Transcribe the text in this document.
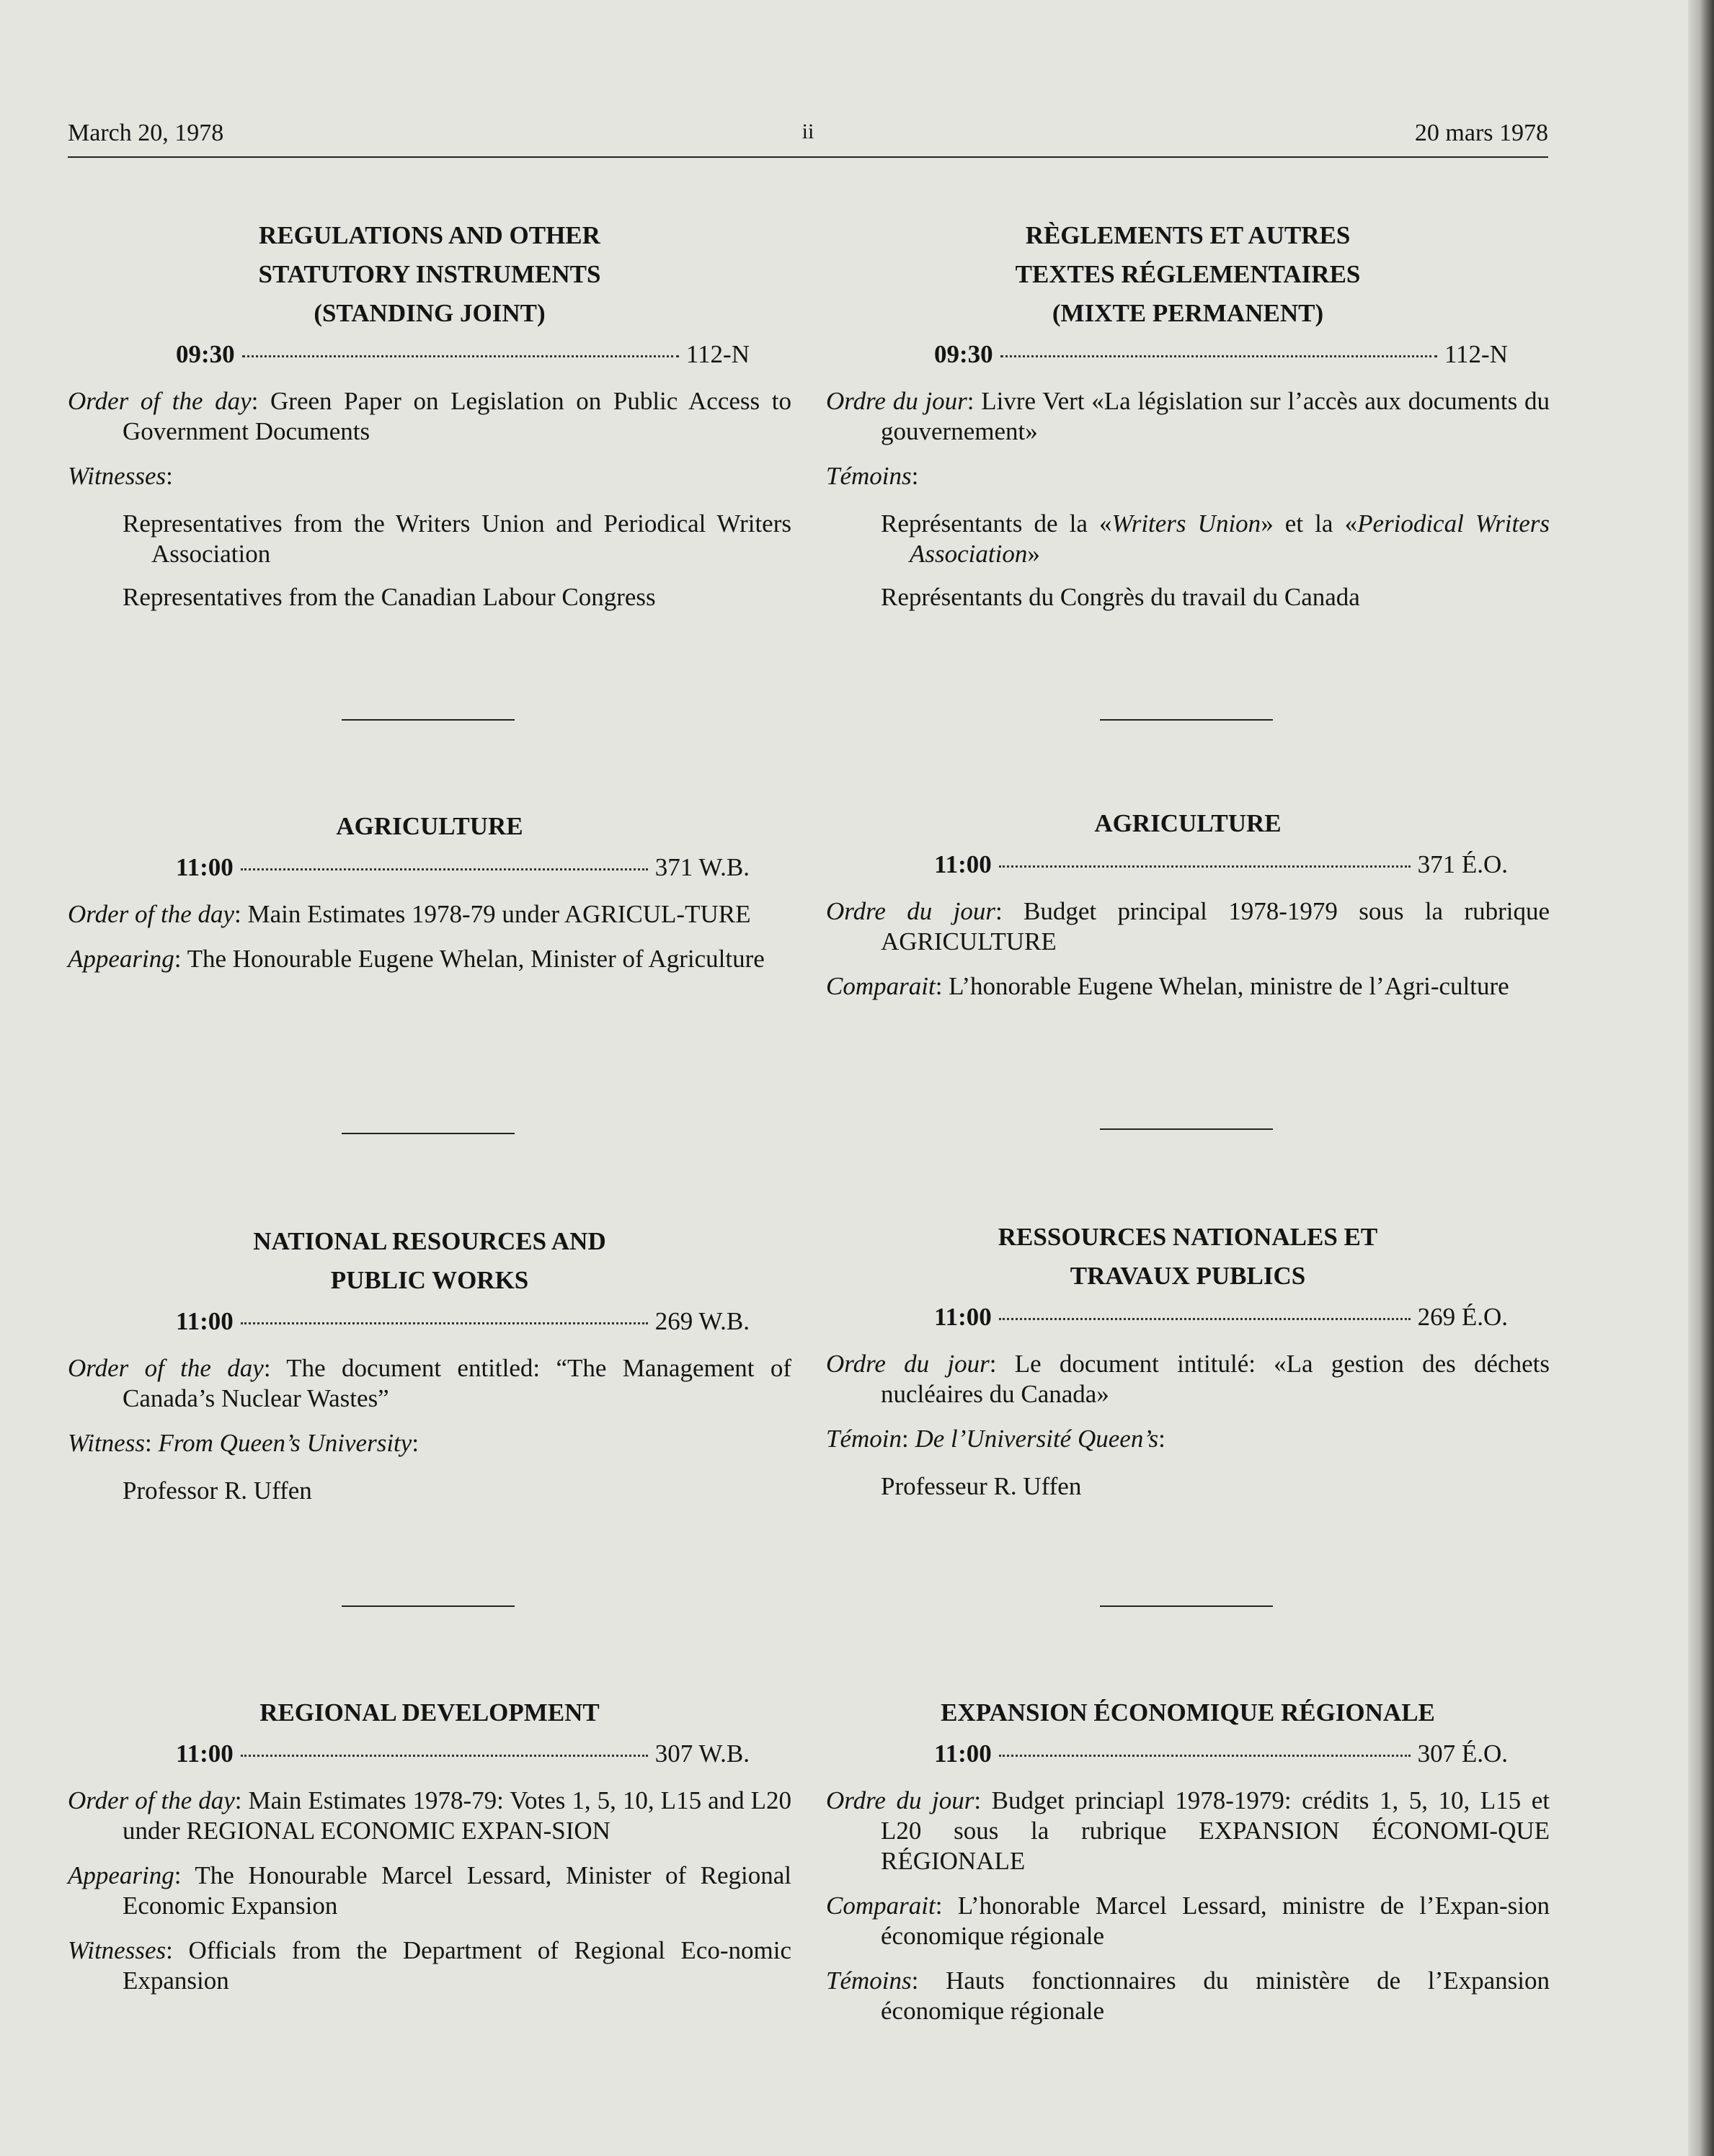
March 20, 1978	ii	20 mars 1978
REGULATIONS AND OTHER
STATUTORY INSTRUMENTS
(STANDING JOINT)
09:30	112-N

Order of the day: Green Paper on Legislation on Public Access to Government Documents

Witnesses:

Representatives from the Writers Union and Periodical Writers Association

Representatives from the Canadian Labour Congress

AGRICULTURE
11:00	371 W.B.

Order of the day: Main Estimates 1978-79 under AGRICUL-TURE

Appearing: The Honourable Eugene Whelan, Minister of Agriculture

NATIONAL RESOURCES AND
PUBLIC WORKS
11:00	269 W.B.

Order of the day: The document entitled: “The Management of Canada’s Nuclear Wastes”

Witness: From Queen’s University:

Professor R. Uffen

REGIONAL DEVELOPMENT
11:00	307 W.B.

Order of the day: Main Estimates 1978-79: Votes 1, 5, 10, L15 and L20 under REGIONAL ECONOMIC EXPAN-SION

Appearing: The Honourable Marcel Lessard, Minister of Regional Economic Expansion

Witnesses: Officials from the Department of Regional Eco-nomic Expansion

RÈGLEMENTS ET AUTRES
TEXTES RÉGLEMENTAIRES
(MIXTE PERMANENT)
09:30	112-N

Ordre du jour: Livre Vert «La législation sur l’accès aux documents du gouvernement»

Témoins:

Représentants de la «Writers Union» et la «Periodical Writers Association»

Représentants du Congrès du travail du Canada

AGRICULTURE
11:00	371 É.O.

Ordre du jour: Budget principal 1978-1979 sous la rubrique AGRICULTURE

Comparait: L’honorable Eugene Whelan, ministre de l’Agri-culture

RESSOURCES NATIONALES ET
TRAVAUX PUBLICS
11:00	269 É.O.

Ordre du jour: Le document intitulé: «La gestion des déchets nucléaires du Canada»

Témoin: De l’Université Queen’s:

Professeur R. Uffen

EXPANSION ÉCONOMIQUE RÉGIONALE
11:00	307 É.O.

Ordre du jour: Budget princiapl 1978-1979: crédits 1, 5, 10, L15 et L20 sous la rubrique EXPANSION ÉCONOMI-QUE RÉGIONALE

Comparait: L’honorable Marcel Lessard, ministre de l’Expan-sion économique régionale

Témoins: Hauts fonctionnaires du ministère de l’Expansion économique régionale
